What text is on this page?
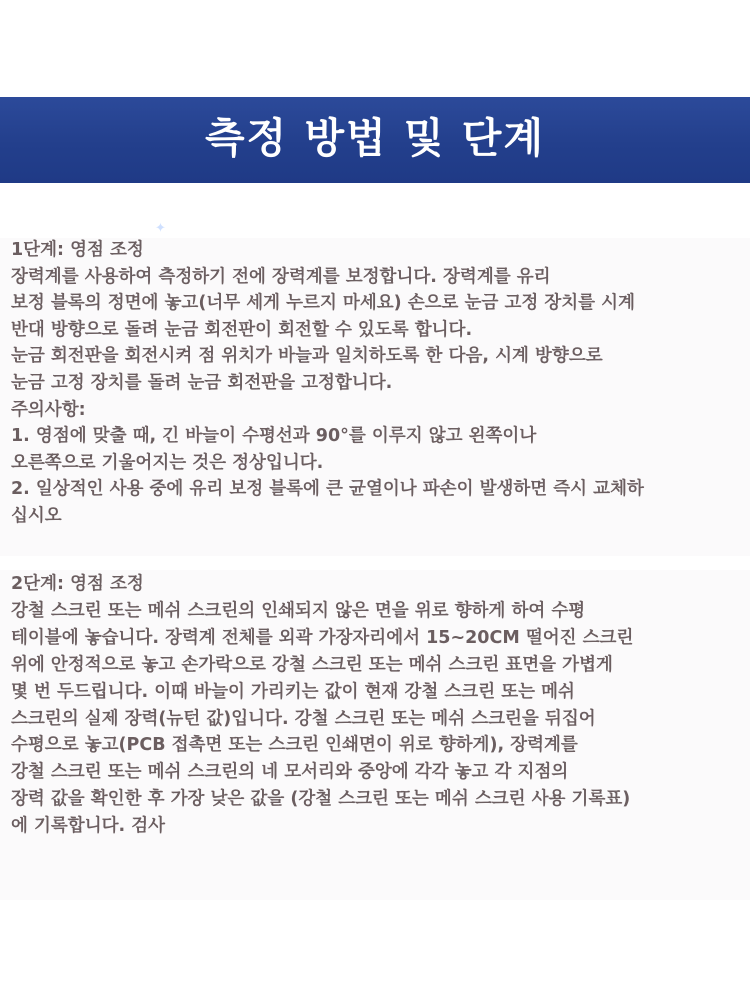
✦
측정 방법 및 단계
1단계: 영점 조정
장력계를 사용하여 측정하기 전에 장력계를 보정합니다. 장력계를 유리
보정 블록의 정면에 놓고(너무 세게 누르지 마세요) 손으로 눈금 고정 장치를 시계
반대 방향으로 돌려 눈금 회전판이 회전할 수 있도록 합니다.
눈금 회전판을 회전시켜 점 위치가 바늘과 일치하도록 한 다음, 시계 방향으로
눈금 고정 장치를 돌려 눈금 회전판을 고정합니다.
주의사항:
1. 영점에 맞출 때, 긴 바늘이 수평선과 90°를 이루지 않고 왼쪽이나
오른쪽으로 기울어지는 것은 정상입니다.
2. 일상적인 사용 중에 유리 보정 블록에 큰 균열이나 파손이 발생하면 즉시 교체하
십시오
2단계: 영점 조정
강철 스크린 또는 메쉬 스크린의 인쇄되지 않은 면을 위로 향하게 하여 수평
테이블에 놓습니다. 장력계 전체를 외곽 가장자리에서 15~20CM 떨어진 스크린
위에 안정적으로 놓고 손가락으로 강철 스크린 또는 메쉬 스크린 표면을 가볍게
몇 번 두드립니다. 이때 바늘이 가리키는 값이 현재 강철 스크린 또는 메쉬
스크린의 실제 장력(뉴턴 값)입니다. 강철 스크린 또는 메쉬 스크린을 뒤집어
수평으로 놓고(PCB 접촉면 또는 스크린 인쇄면이 위로 향하게), 장력계를
강철 스크린 또는 메쉬 스크린의 네 모서리와 중앙에 각각 놓고 각 지점의
장력 값을 확인한 후 가장 낮은 값을 (강철 스크린 또는 메쉬 스크린 사용 기록표)
에 기록합니다. 검사
